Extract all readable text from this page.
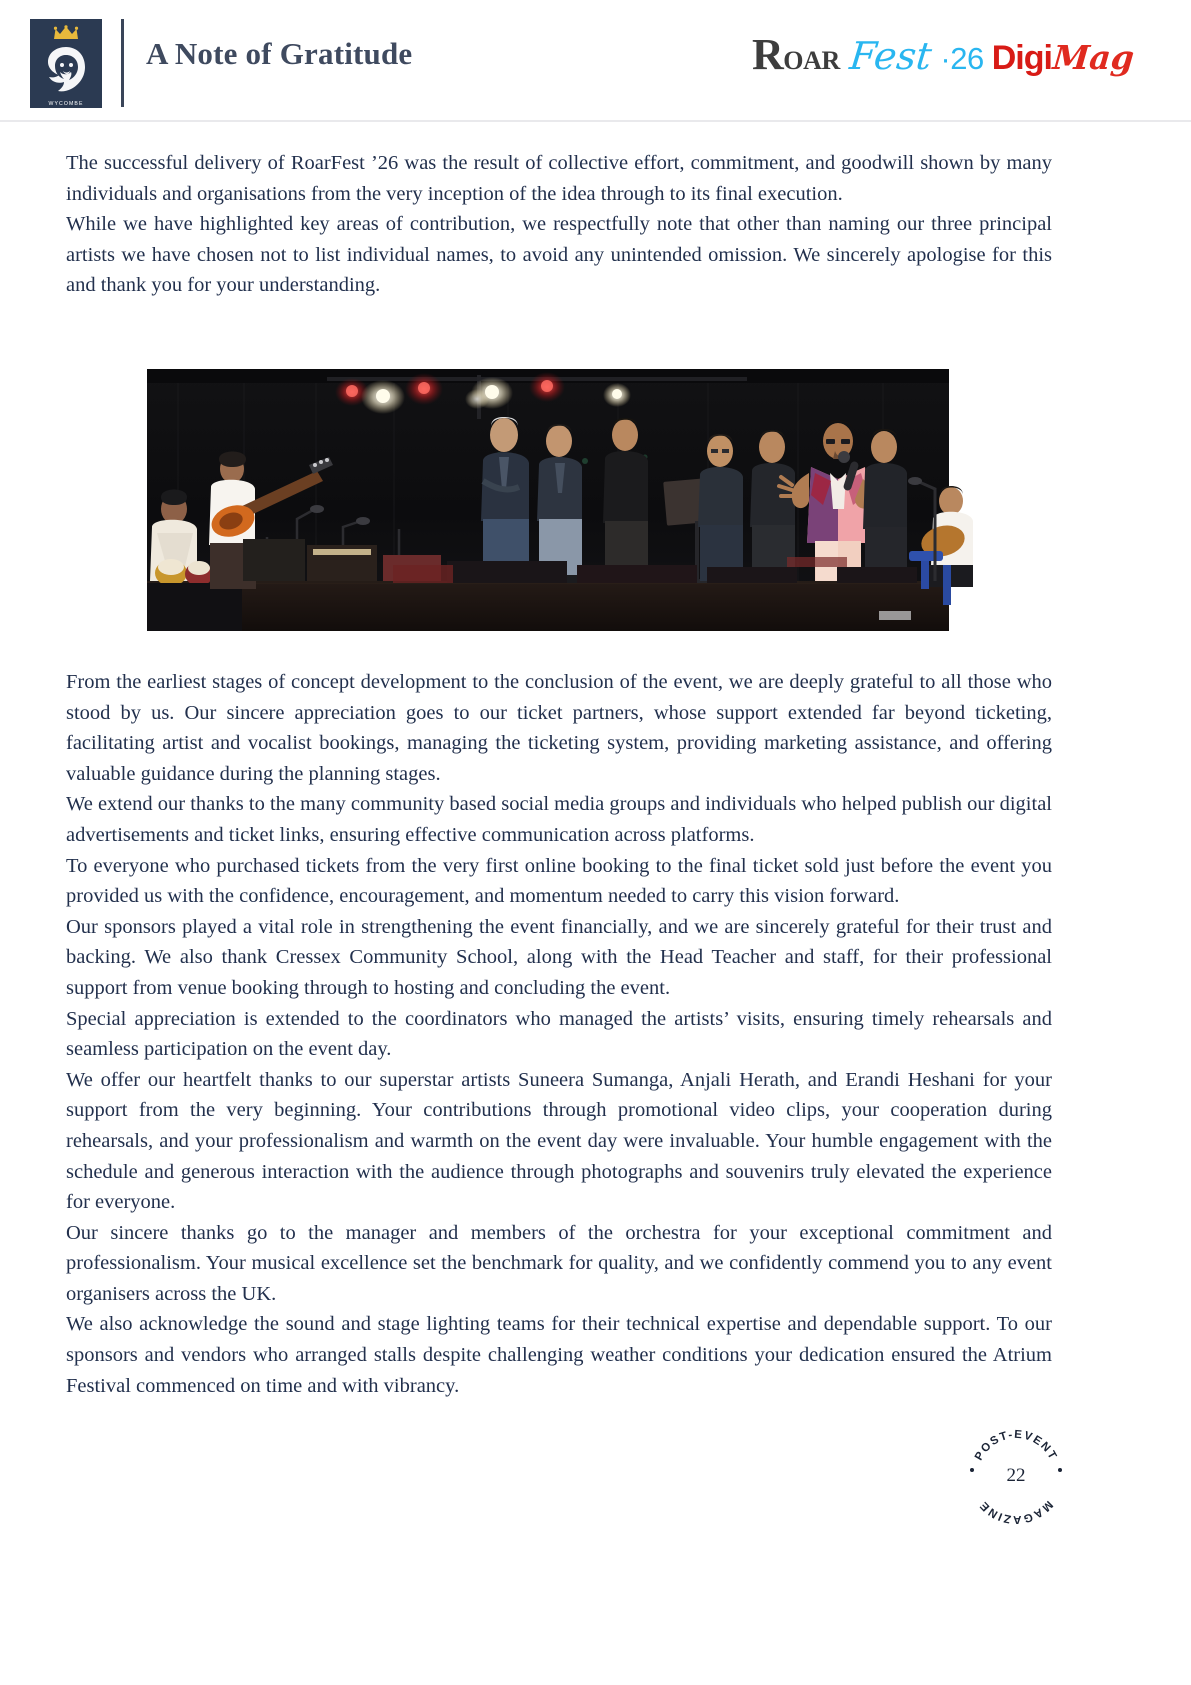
WYCOMBE
LIONS
A Note of Gratitude	ROAR Fest ·26 Digi Mag

The successful delivery of RoarFest ’26 was the result of collective effort, commitment, and goodwill shown by many individuals and organisations from the very inception of the idea through to its final execution.

While we have highlighted key areas of contribution, we respectfully note that other than naming our three principal artists we have chosen not to list individual names, to avoid any unintended omission. We sincerely apologise for this and thank you for your understanding.

From the earliest stages of concept development to the conclusion of the event, we are deeply grateful to all those who stood by us. Our sincere appreciation goes to our ticket partners, whose support extended far beyond ticketing, facilitating artist and vocalist bookings, managing the ticketing system, providing marketing assistance, and offering valuable guidance during the planning stages.

We extend our thanks to the many community based social media groups and individuals who helped publish our digital advertisements and ticket links, ensuring effective communication across platforms.

To everyone who purchased tickets from the very first online booking to the final ticket sold just before the event you provided us with the confidence, encouragement, and momentum needed to carry this vision forward.

Our sponsors played a vital role in strengthening the event financially, and we are sincerely grateful for their trust and backing. We also thank Cressex Community School, along with the Head Teacher and staff, for their professional support from venue booking through to hosting and concluding the event.

Special appreciation is extended to the coordinators who managed the artists’ visits, ensuring timely rehearsals and seamless participation on the event day.

We offer our heartfelt thanks to our superstar artists Suneera Sumanga, Anjali Herath, and Erandi Heshani for your support from the very beginning. Your contributions through promotional video clips, your cooperation during rehearsals, and your professionalism and warmth on the event day were invaluable. Your humble engagement with the schedule and generous interaction with the audience through photographs and souvenirs truly elevated the experience for everyone.

Our sincere thanks go to the manager and members of the orchestra for your exceptional commitment and professionalism. Your musical excellence set the benchmark for quality, and we confidently commend you to any event organisers across the UK.

We also acknowledge the sound and stage lighting teams for their technical expertise and dependable support. To our sponsors and vendors who arranged stalls despite challenging weather conditions your dedication ensured the Atrium Festival commenced on time and with vibrancy.

POST-EVENT
MAGAZINE
22
